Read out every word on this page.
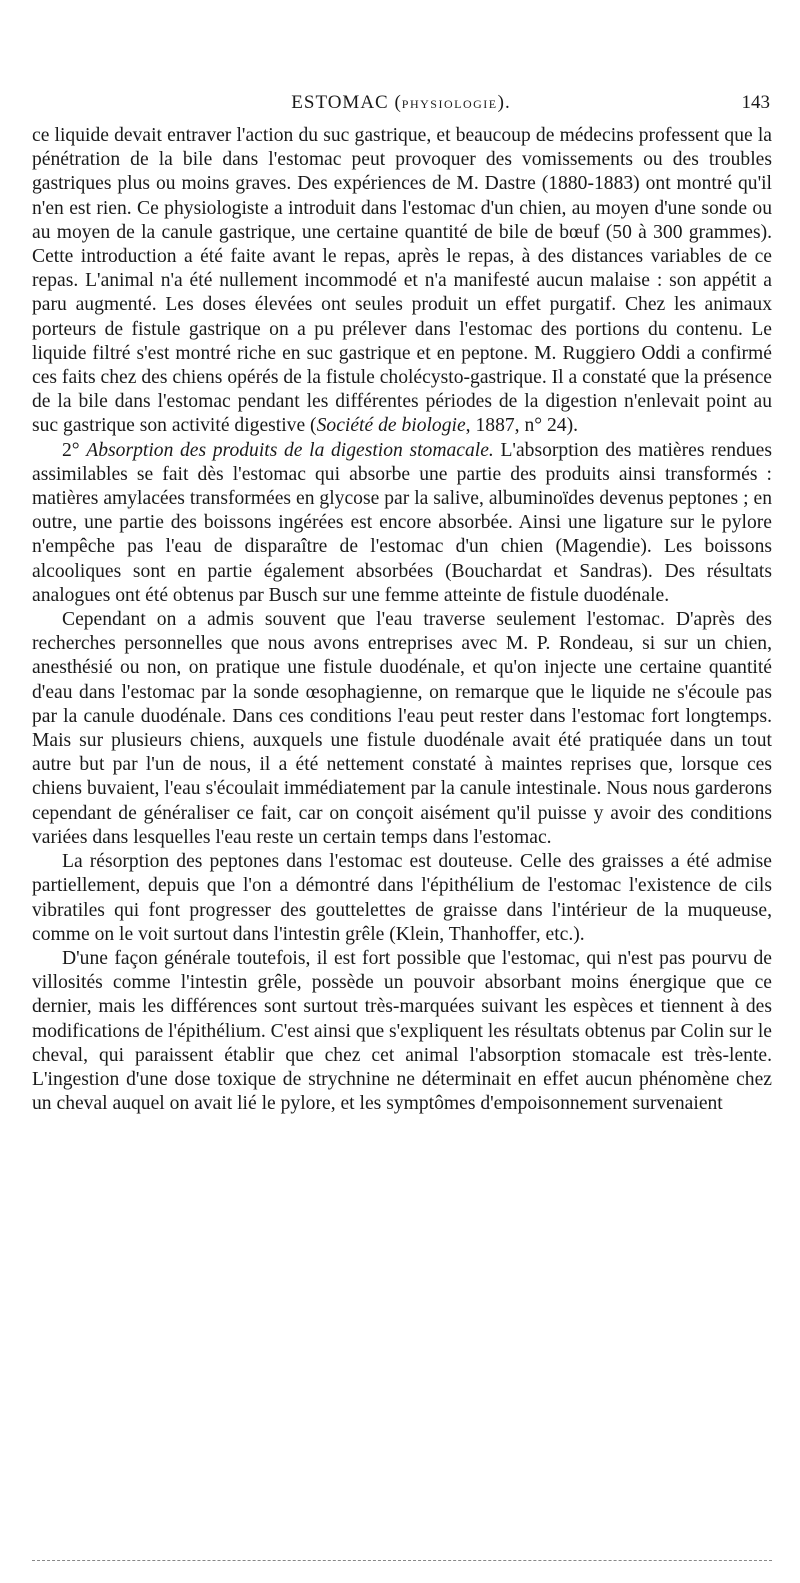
ESTOMAC (PHYSIOLOGIE).	143

ce liquide devait entraver l'action du suc gastrique, et beaucoup de médecins professent que la pénétration de la bile dans l'estomac peut provoquer des vomissements ou des troubles gastriques plus ou moins graves. Des expériences de M. Dastre (1880-1883) ont montré qu'il n'en est rien. Ce physiologiste a introduit dans l'estomac d'un chien, au moyen d'une sonde ou au moyen de la canule gastrique, une certaine quantité de bile de bœuf (50 à 300 grammes). Cette introduction a été faite avant le repas, après le repas, à des distances variables de ce repas. L'animal n'a été nullement incommodé et n'a manifesté aucun malaise : son appétit a paru augmenté. Les doses élevées ont seules produit un effet purgatif. Chez les animaux porteurs de fistule gastrique on a pu prélever dans l'estomac des portions du contenu. Le liquide filtré s'est montré riche en suc gastrique et en peptone. M. Ruggiero Oddi a confirmé ces faits chez des chiens opérés de la fistule cholécysto-gastrique. Il a constaté que la présence de la bile dans l'estomac pendant les différentes périodes de la digestion n'enlevait point au suc gastrique son activité digestive (Société de biologie, 1887, n° 24).

2° Absorption des produits de la digestion stomacale. L'absorption des matières rendues assimilables se fait dès l'estomac qui absorbe une partie des produits ainsi transformés : matières amylacées transformées en glycose par la salive, albuminoïdes devenus peptones ; en outre, une partie des boissons ingérées est encore absorbée. Ainsi une ligature sur le pylore n'empêche pas l'eau de disparaître de l'estomac d'un chien (Magendie). Les boissons alcooliques sont en partie également absorbées (Bouchardat et Sandras). Des résultats analogues ont été obtenus par Busch sur une femme atteinte de fistule duodénale.

Cependant on a admis souvent que l'eau traverse seulement l'estomac. D'après des recherches personnelles que nous avons entreprises avec M. P. Rondeau, si sur un chien, anesthésié ou non, on pratique une fistule duodénale, et qu'on injecte une certaine quantité d'eau dans l'estomac par la sonde œsophagienne, on remarque que le liquide ne s'écoule pas par la canule duodénale. Dans ces conditions l'eau peut rester dans l'estomac fort longtemps. Mais sur plusieurs chiens, auxquels une fistule duodénale avait été pratiquée dans un tout autre but par l'un de nous, il a été nettement constaté à maintes reprises que, lorsque ces chiens buvaient, l'eau s'écoulait immédiatement par la canule intestinale. Nous nous garderons cependant de généraliser ce fait, car on conçoit aisément qu'il puisse y avoir des conditions variées dans lesquelles l'eau reste un certain temps dans l'estomac.

La résorption des peptones dans l'estomac est douteuse. Celle des graisses a été admise partiellement, depuis que l'on a démontré dans l'épithélium de l'estomac l'existence de cils vibratiles qui font progresser des gouttelettes de graisse dans l'intérieur de la muqueuse, comme on le voit surtout dans l'intestin grêle (Klein, Thanhoffer, etc.).

D'une façon générale toutefois, il est fort possible que l'estomac, qui n'est pas pourvu de villosités comme l'intestin grêle, possède un pouvoir absorbant moins énergique que ce dernier, mais les différences sont surtout très-marquées suivant les espèces et tiennent à des modifications de l'épithélium. C'est ainsi que s'expliquent les résultats obtenus par Colin sur le cheval, qui paraissent établir que chez cet animal l'absorption stomacale est très-lente. L'ingestion d'une dose toxique de strychnine ne déterminait en effet aucun phénomène chez un cheval auquel on avait lié le pylore, et les symptômes d'empoisonnement survenaient
